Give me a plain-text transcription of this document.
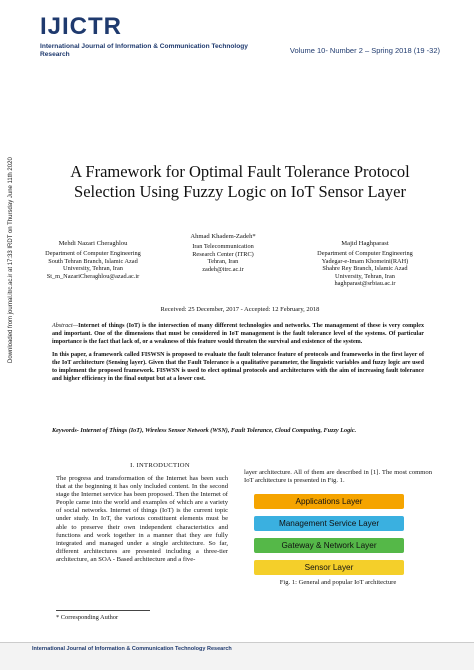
IJICTR
International Journal of Information & Communication Technology Research	Volume 10- Number 2 – Spring 2018 (19 -32)
Downloaded from journal.itrc.ac.ir at 17:33 IRDT on Thursday June 11th 2020	A Framework for Optimal Fault Tolerance Protocol Selection Using Fuzzy Logic on IoT Sensor Layer
Mehdi Nazari Cheraghlou
Department of Computer Engineering
South Tehran Branch, Islamic Azad
University, Tehran, Iran
St_m_NazariCheraghlou@azad.ac.ir
Ahmad Khadem-Zadeh*
Iran Telecommunication
Research Center (ITRC)
Tehran, Iran
zadeh@itrc.ac.ir
Majid Haghparast
Department of Computer Engineering
Yadegar-e-Imam Khomeini(RAH)
Shahre Rey Branch, Islamic Azad
University, Tehran, Iran
haghparast@srbiau.ac.ir
Received: 25 December, 2017 - Accepted: 12 February, 2018

Abstract—Internet of things (IoT) is the intersection of many different technologies and networks. The management of these is very complex and important. One of the dimensions that must be considered in IoT management is the fault tolerance level of the systems. Of particular importance is the fact that lack of, or a weakness of this feature would threaten the survival and existence of the system.

In this paper, a framework called FISWSN is proposed to evaluate the fault tolerance feature of protocols and frameworks in the first layer of the IoT architecture (Sensing layer). Given that the Fault Tolerance is a qualitative parameter, the linguistic variables and fuzzy logic are used to implement the proposed framework. FISWSN is used to elect optimal protocols and architectures with the aim of increasing fault tolerance and higher efficiency in the final output but at a lower cost.

Keywords- Internet of Things (IoT), Wireless Sensor Network (WSN), Fault Tolerance, Cloud Computing, Fuzzy Logic.
I. INTRODUCTION
The progress and transformation of the Internet has been such that at the beginning it has only included content. In the second stage the Internet service has been proposed. Then the Internet of People came into the world and examples of which are a variety of social networks. Internet of things (IoT) is the current topic under study. In IoT, the various constituent elements must be able to preserve their own independent characteristics and functions and work together in a manner that they are fully integrated and managed under a single architecture. So far, different architectures are presented including a three-tier architecture, an SOA - Based architecture and a five-
layer architecture. All of them are described in [1]. The most common IoT architecture is presented in Fig. 1.
Applications Layer
Management Service Layer
Gateway & Network Layer
Sensor Layer
Fig. 1: General and popular IoT architecture
* Corresponding Author
International Journal of Information & Communication Technology Research
